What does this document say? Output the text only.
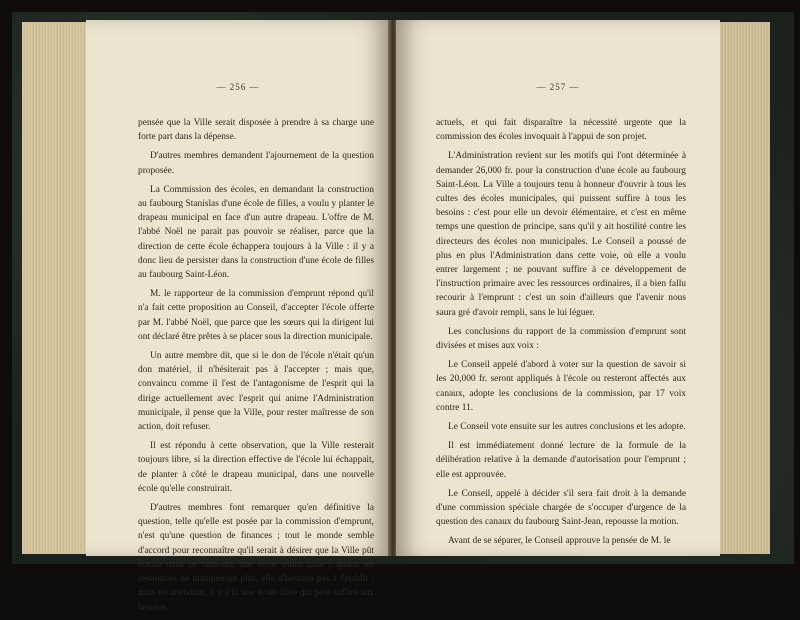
— 256 —

pensée que la Ville serait disposée à prendre à sa charge une forte part dans la dépense.

D'autres membres demandent l'ajournement de la question proposée.

La Commission des écoles, en demandant la construction au faubourg Stanislas d'une école de filles, a voulu y planter le drapeau municipal en face d'un autre drapeau. L'offre de M. l'abbé Noël ne parait pas pouvoir se réaliser, parce que la direction de cette école échappera toujours à la Ville : il y a donc lieu de persister dans la construction d'une école de filles au faubourg Saint-Léon.

M. le rapporteur de la commission d'emprunt répond qu'il n'a fait cette proposition au Conseil, d'accepter l'école offerte par M. l'abbé Noël, que parce que les sœurs qui la dirigent lui ont déclaré être prêtes à se placer sous la direction municipale.

Un autre membre dit, que si le don de l'école n'était qu'un don matériel, il n'hésiterait pas à l'accepter ; mais que, convaincu comme il l'est de l'antagonisme de l'esprit qui la dirige actuellement avec l'esprit qui anime l'Administration municipale, il pense que la Ville, pour rester maîtresse de son action, doit refuser.

Il est répondu à cette observation, que la Ville resterait toujours libre, si la direction effective de l'école lui échappait, de planter à côté le drapeau municipal, dans une nouvelle école qu'elle construirait.

D'autres membres font remarquer qu'en définitive la question, telle qu'elle est posée par la commission d'emprunt, n'est qu'une question de finances ; tout le monde semble d'accord pour reconnaître qu'il serait à désirer que la Ville pût établir dans ce faubourg une école municipale ; quand les ressources ne manqueront plus, elle n'hésitera pas à l'établir ; mais en attendant, il y a là une école libre qui peut suffire aux besoins

— 257 —

actuels, et qui fait disparaître la nécessité urgente que la commission des écoles invoquait à l'appui de son projet.

L'Administration revient sur les motifs qui l'ont déterminée à demander 26,000 fr. pour la construction d'une école au faubourg Saint-Léon. La Ville a toujours tenu à honneur d'ouvrir à tous les cultes des écoles municipales, qui puissent suffire à tous les besoins : c'est pour elle un devoir élémentaire, et c'est en même temps une question de principe, sans qu'il y ait hostilité contre les directeurs des écoles non municipales. Le Conseil a poussé de plus en plus l'Administration dans cette voie, où elle a voulu entrer largement ; ne pouvant suffire à ce développement de l'instruction primaire avec les ressources ordinaires, il a bien fallu recourir à l'emprunt : c'est un soin d'ailleurs que l'avenir nous saura gré d'avoir rempli, sans le lui léguer.

Les conclusions du rapport de la commission d'emprunt sont divisées et mises aux voix :

Le Conseil appelé d'abord à voter sur la question de savoir si les 20,000 fr. seront appliqués à l'école ou resteront affectés aux canaux, adopte les conclusions de la commission, par 17 voix contre 11.

Le Conseil vote ensuite sur les autres conclusions et les adopte.

Il est immédiatement donné lecture de la formule de la délibération relative à la demande d'autorisation pour l'emprunt ; elle est approuvée.

Le Conseil, appelé à décider s'il sera fait droit à la demande d'une commission spéciale chargée de s'occuper d'urgence de la question des canaux du faubourg Saint-Jean, repousse la motion.

Avant de se séparer, le Conseil approuve la pensée de M. le
